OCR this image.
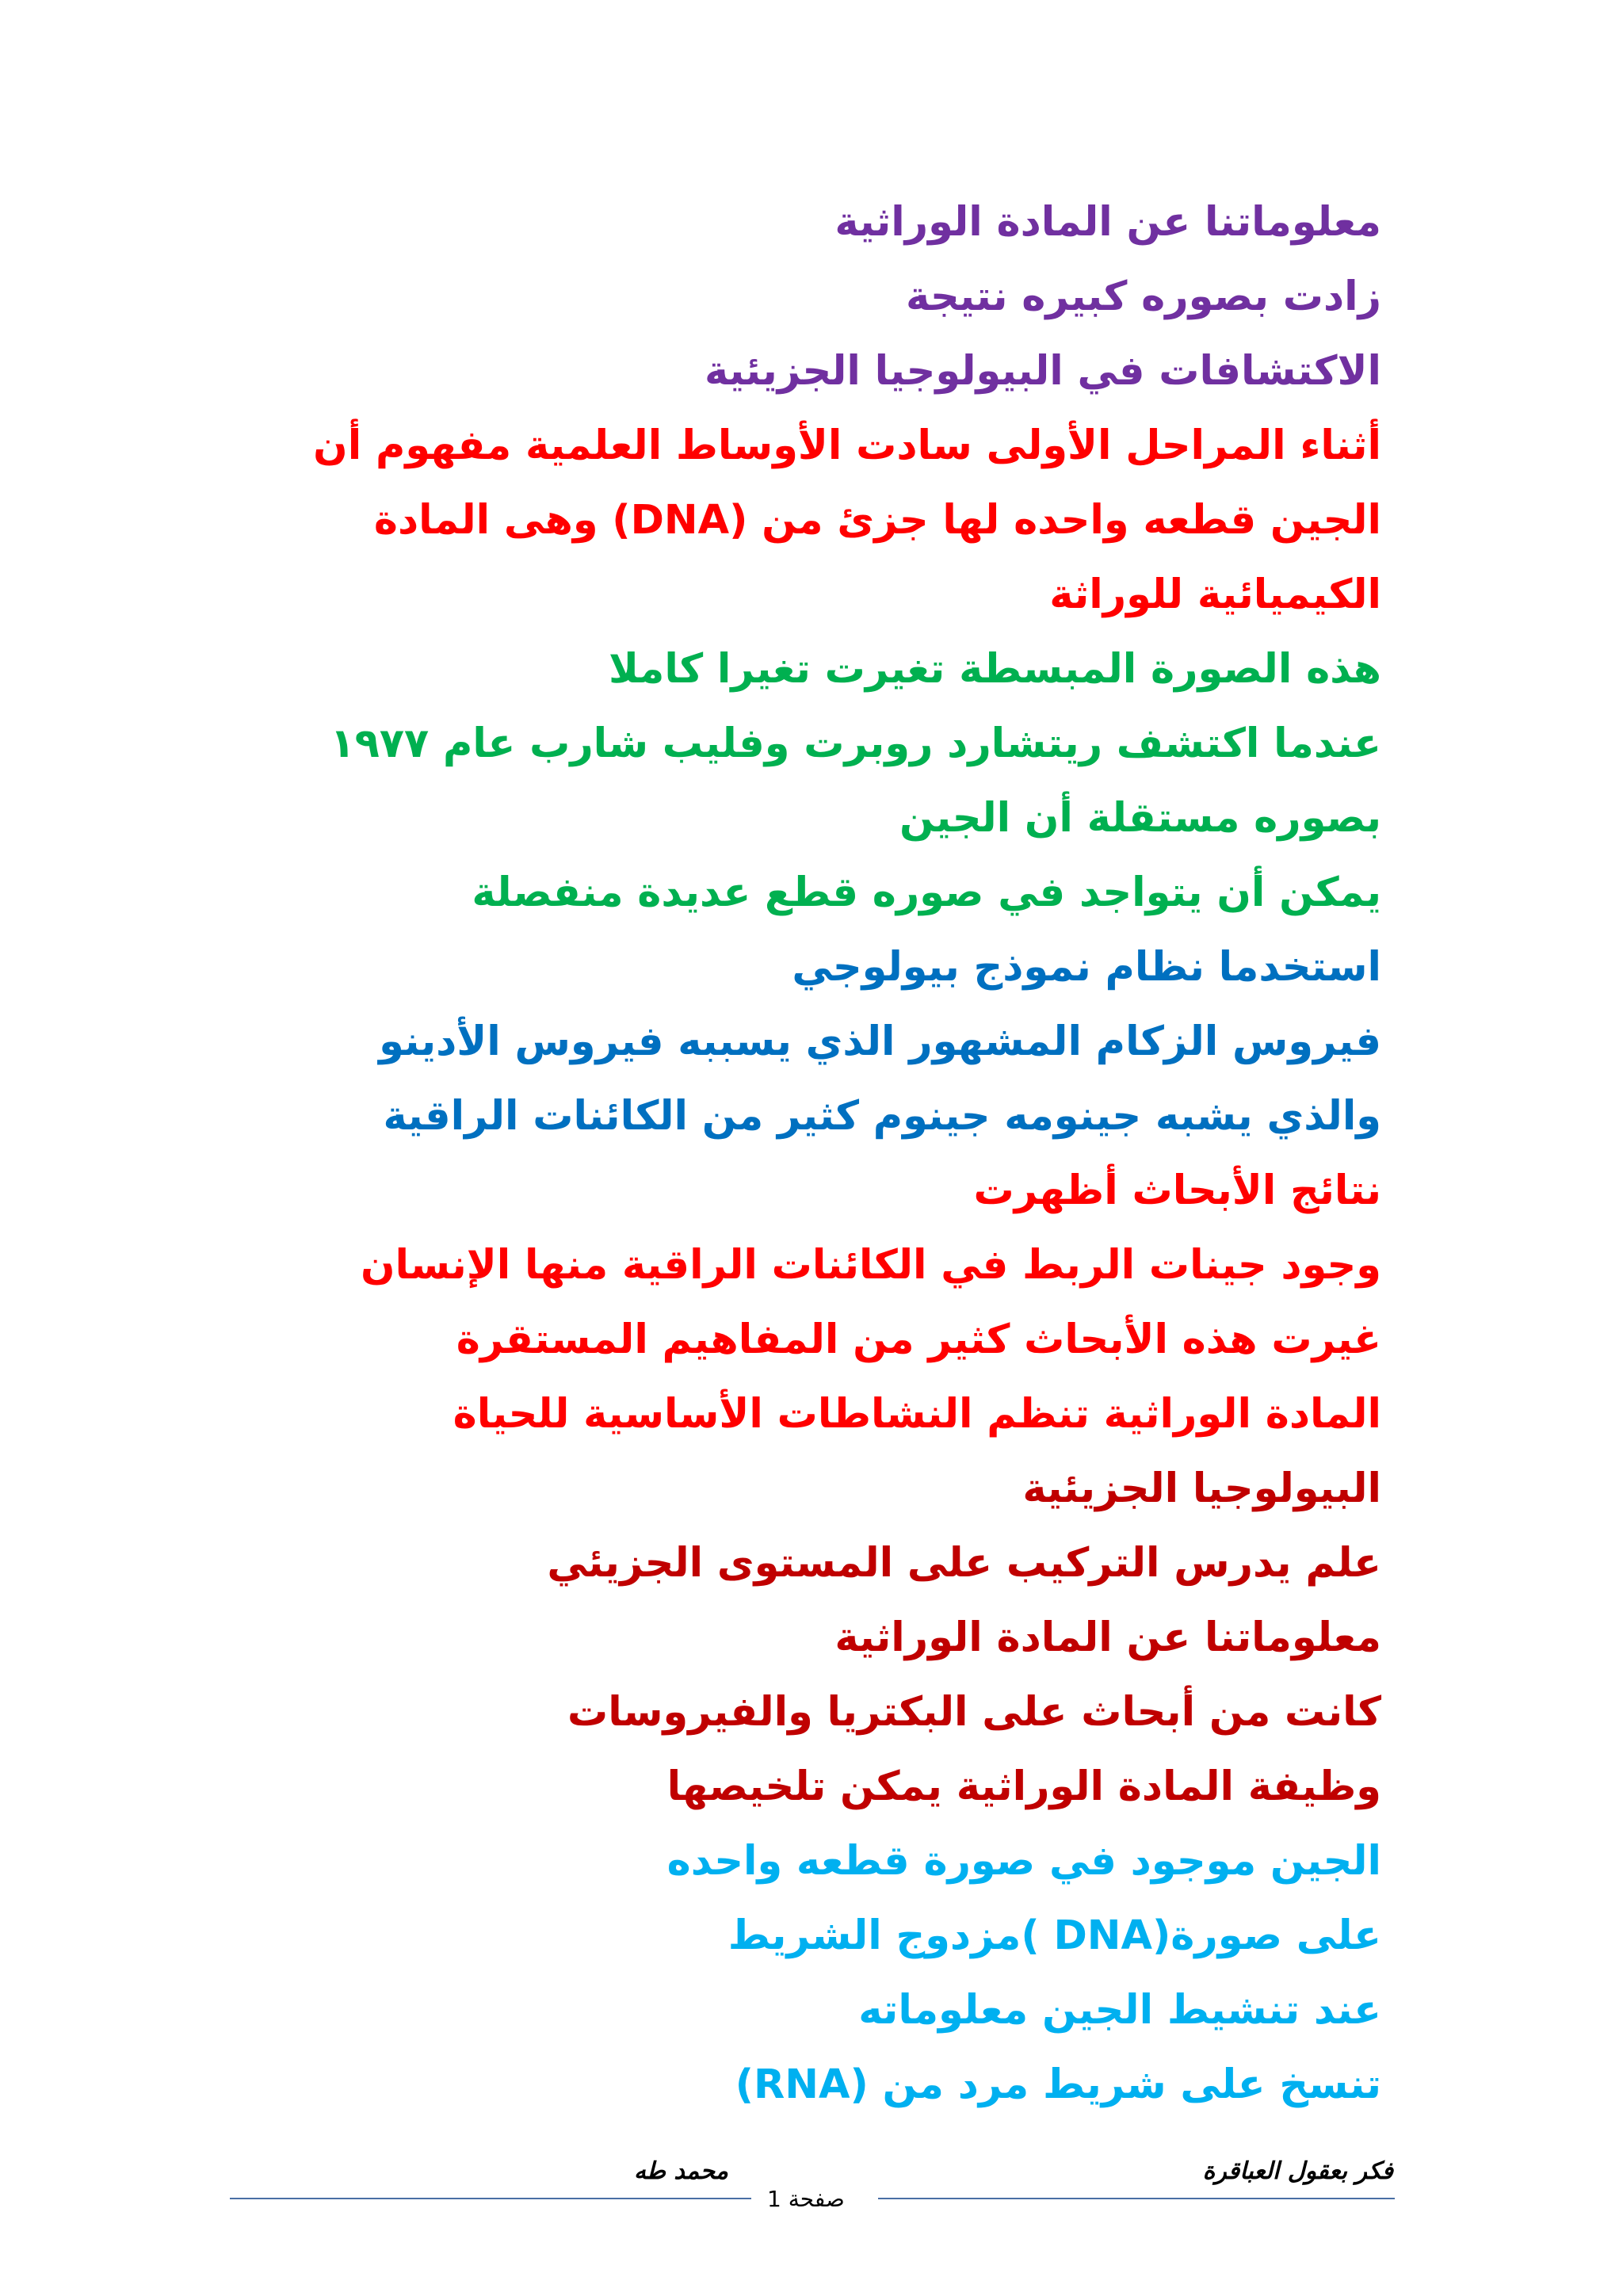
معلوماتنا عن المادة الوراثية

زادت بصوره كبيره نتيجة

الاكتشافات في البيولوجيا الجزيئية

أثناء المراحل الأولى سادت الأوساط العلمية مفهوم أن

الجين قطعه واحده لها جزئ من (DNA) وهى المادة

الكيميائية للوراثة

هذه الصورة المبسطة تغيرت تغيرا كاملا

عندما اكتشف ريتشارد روبرت وفليب شارب عام ١٩٧٧

بصوره مستقلة أن الجين

يمكن أن يتواجد في صوره قطع عديدة منفصلة

استخدما نظام نموذج بيولوجي

فيروس الزكام المشهور الذي يسببه فيروس الأدينو

والذي يشبه جينومه جينوم كثير من الكائنات الراقية

نتائج الأبحاث أظهرت

وجود جينات الربط في الكائنات الراقية منها الإنسان

غيرت هذه الأبحاث كثير من المفاهيم المستقرة

المادة الوراثية تنظم النشاطات الأساسية للحياة

البيولوجيا الجزيئية

علم يدرس التركيب على المستوى الجزيئي

معلوماتنا عن المادة الوراثية

كانت من أبحاث على البكتريا والفيروسات

وظيفة المادة الوراثية يمكن تلخيصها

الجين موجود في صورة قطعه واحده

على صورة(DNA )مزدوج الشريط

عند تنشيط الجين معلوماته

تنسخ على شريط مرد من (RNA)

محمد طه	فكر بعقول العباقرة
صفحة 1
